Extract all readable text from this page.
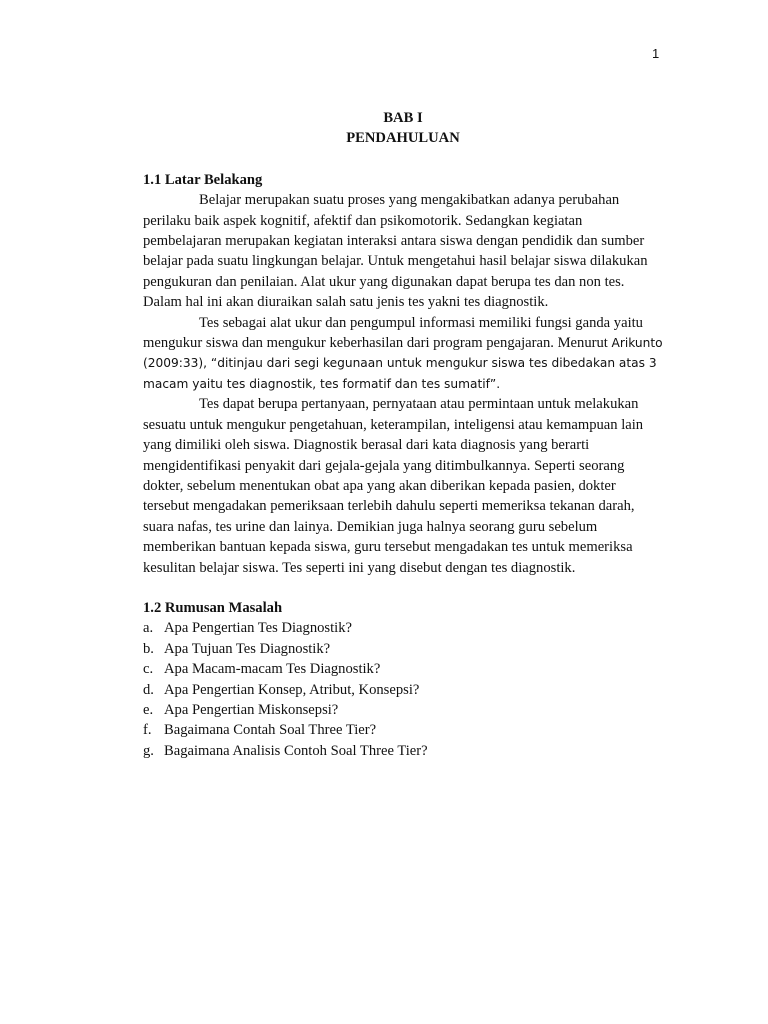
1
BAB I
PENDAHULUAN
1.1 Latar Belakang

Belajar merupakan suatu proses yang mengakibatkan adanya perubahan perilaku baik aspek kognitif, afektif dan psikomotorik. Sedangkan kegiatan pembelajaran merupakan kegiatan interaksi antara siswa dengan pendidik dan sumber belajar pada suatu lingkungan belajar. Untuk mengetahui hasil belajar siswa dilakukan pengukuran dan penilaian. Alat ukur yang digunakan dapat berupa tes dan non tes. Dalam hal ini akan diuraikan salah satu jenis tes yakni tes diagnostik.

Tes sebagai alat ukur dan pengumpul informasi memiliki fungsi ganda yaitu mengukur siswa dan mengukur keberhasilan dari program pengajaran. Menurut Arikunto (2009:33), “ditinjau dari segi kegunaan untuk mengukur siswa tes dibedakan atas 3 macam yaitu tes diagnostik, tes formatif dan tes sumatif”.

Tes dapat berupa pertanyaan, pernyataan atau permintaan untuk melakukan sesuatu untuk mengukur pengetahuan, keterampilan, inteligensi atau kemampuan lain yang dimiliki oleh siswa. Diagnostik berasal dari kata diagnosis yang berarti mengidentifikasi penyakit dari gejala-gejala yang ditimbulkannya. Seperti seorang dokter, sebelum menentukan obat apa yang akan diberikan kepada pasien, dokter tersebut mengadakan pemeriksaan terlebih dahulu seperti memeriksa tekanan darah, suara nafas, tes urine dan lainya. Demikian juga halnya seorang guru sebelum memberikan bantuan kepada siswa, guru tersebut mengadakan tes untuk memeriksa kesulitan belajar siswa. Tes seperti ini yang disebut dengan tes diagnostik.

1.2 Rumusan Masalah
a. Apa Pengertian Tes Diagnostik?
b. Apa Tujuan Tes Diagnostik?
c. Apa Macam-macam Tes Diagnostik?
d. Apa Pengertian Konsep, Atribut, Konsepsi?
e. Apa Pengertian Miskonsepsi?
f. Bagaimana Contah Soal Three Tier?
g. Bagaimana Analisis Contoh Soal Three Tier?
